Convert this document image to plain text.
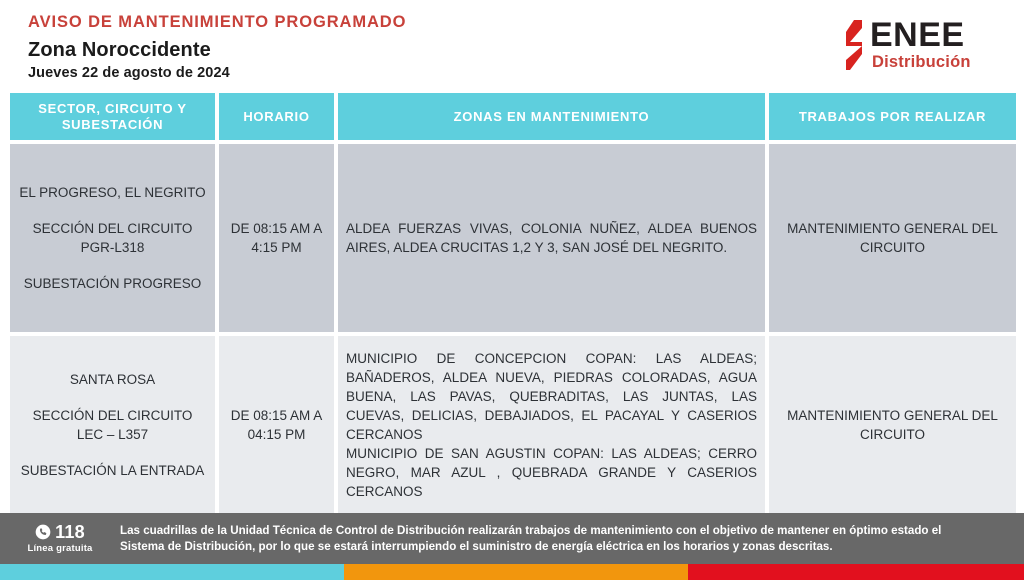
AVISO DE MANTENIMIENTO PROGRAMADO
Zona Noroccidente
Jueves 22 de agosto de 2024
ENEE
Distribución
SECTOR, CIRCUITO Y SUBESTACIÓN
HORARIO	ZONAS EN MANTENIMIENTO	TRABAJOS POR REALIZAR
EL PROGRESO, EL NEGRITO
SECCIÓN DEL CIRCUITO PGR-L318
SUBESTACIÓN PROGRESO
DE 08:15 AM A 4:15 PM
ALDEA FUERZAS VIVAS, COLONIA NUÑEZ, ALDEA BUENOS AIRES, ALDEA CRUCITAS 1,2 Y 3, SAN JOSÉ DEL NEGRITO.
MANTENIMIENTO GENERAL DEL CIRCUITO
SANTA ROSA
SECCIÓN DEL CIRCUITO LEC – L357
SUBESTACIÓN LA ENTRADA
DE 08:15 AM A 04:15 PM
MUNICIPIO DE CONCEPCION COPAN: LAS ALDEAS; BAÑADEROS, ALDEA NUEVA, PIEDRAS COLORADAS, AGUA BUENA, LAS PAVAS, QUEBRADITAS, LAS JUNTAS, LAS CUEVAS, DELICIAS, DEBAJIADOS, EL PACAYAL Y CASERIOS CERCANOS
MUNICIPIO DE SAN AGUSTIN COPAN: LAS ALDEAS; CERRO NEGRO, MAR AZUL , QUEBRADA GRANDE Y CASERIOS CERCANOS
MANTENIMIENTO GENERAL DEL CIRCUITO
118
Línea gratuita
Las cuadrillas de la Unidad Técnica de Control de Distribución realizarán trabajos de mantenimiento con el objetivo de mantener en óptimo estado el
Sistema de Distribución, por lo que se estará interrumpiendo el suministro de energía eléctrica en los horarios y zonas descritas.
